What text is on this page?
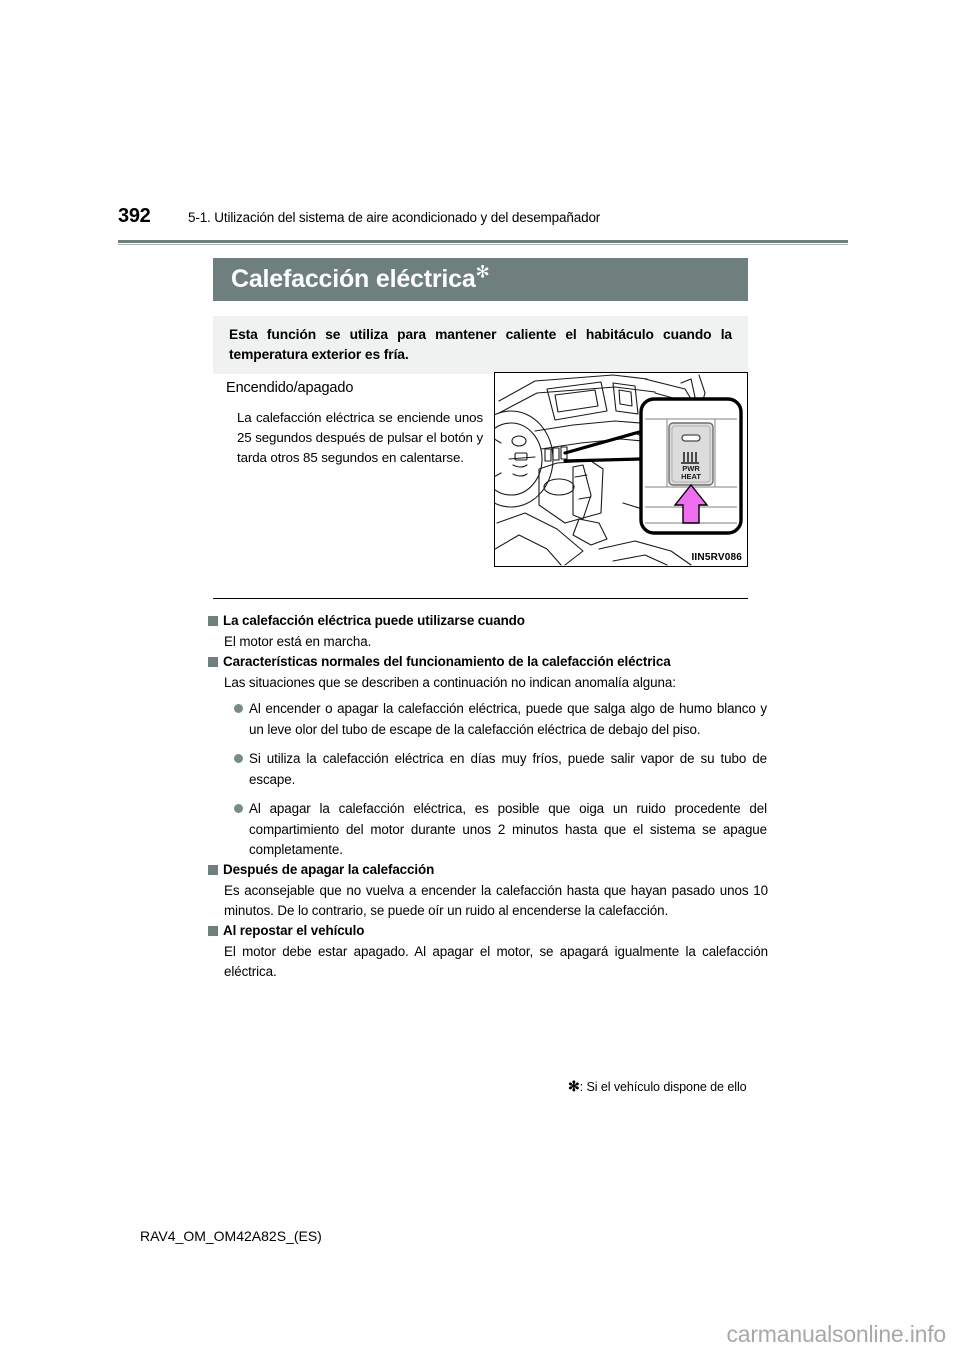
392	5-1. Utilización del sistema de aire acondicionado y del desempañador
Calefacción eléctrica✻
Esta función se utiliza para mantener caliente el habitáculo cuando la temperatura exterior es fría.
Encendido/apagado
La calefacción eléctrica se enciende unos 25 segundos después de pulsar el botón y tarda otros 85 segundos en calentarse.
PWR
HEAT
IIN5RV086
La calefacción eléctrica puede utilizarse cuando
El motor está en marcha.
Características normales del funcionamiento de la calefacción eléctrica
Las situaciones que se describen a continuación no indican anomalía alguna:
Al encender o apagar la calefacción eléctrica, puede que salga algo de humo blanco y un leve olor del tubo de escape de la calefacción eléctrica de debajo del piso.
Si utiliza la calefacción eléctrica en días muy fríos, puede salir vapor de su tubo de escape.
Al apagar la calefacción eléctrica, es posible que oiga un ruido procedente del compartimiento del motor durante unos 2 minutos hasta que el sistema se apague completamente.
Después de apagar la calefacción
Es aconsejable que no vuelva a encender la calefacción hasta que hayan pasado unos 10 minutos. De lo contrario, se puede oír un ruido al encenderse la calefacción.
Al repostar el vehículo
El motor debe estar apagado. Al apagar el motor, se apagará igualmente la calefacción eléctrica.
✻: Si el vehículo dispone de ello
RAV4_OM_OM42A82S_(ES)
carmanualsonline.info
